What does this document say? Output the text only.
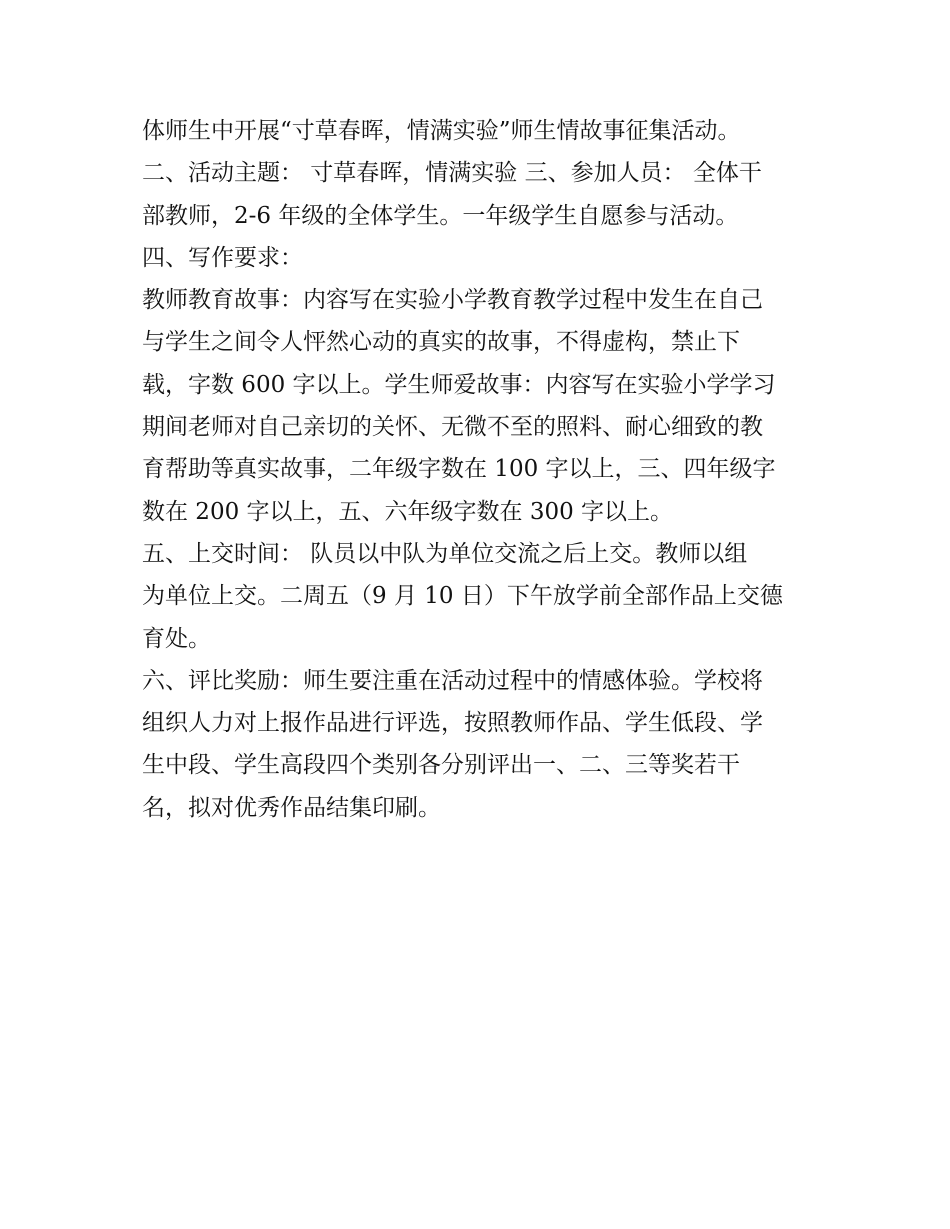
体师生中开展“寸草春晖，情满实验”师生情故事征集活动。
二、活动主题： 寸草春晖，情满实验 三、参加人员： 全体干
部教师，2-6 年级的全体学生。一年级学生自愿参与活动。
四、写作要求：
教师教育故事：内容写在实验小学教育教学过程中发生在自己
与学生之间令人怦然心动的真实的故事，不得虚构，禁止下
载，字数 600 字以上。学生师爱故事：内容写在实验小学学习
期间老师对自己亲切的关怀、无微不至的照料、耐心细致的教
育帮助等真实故事，二年级字数在 100 字以上，三、四年级字
数在 200 字以上，五、六年级字数在 300 字以上。
五、上交时间： 队员以中队为单位交流之后上交。教师以组
为单位上交。二周五（9 月 10 日）下午放学前全部作品上交德
育处。
六、评比奖励：师生要注重在活动过程中的情感体验。学校将
组织人力对上报作品进行评选，按照教师作品、学生低段、学
生中段、学生高段四个类别各分别评出一、二、三等奖若干
名，拟对优秀作品结集印刷。
